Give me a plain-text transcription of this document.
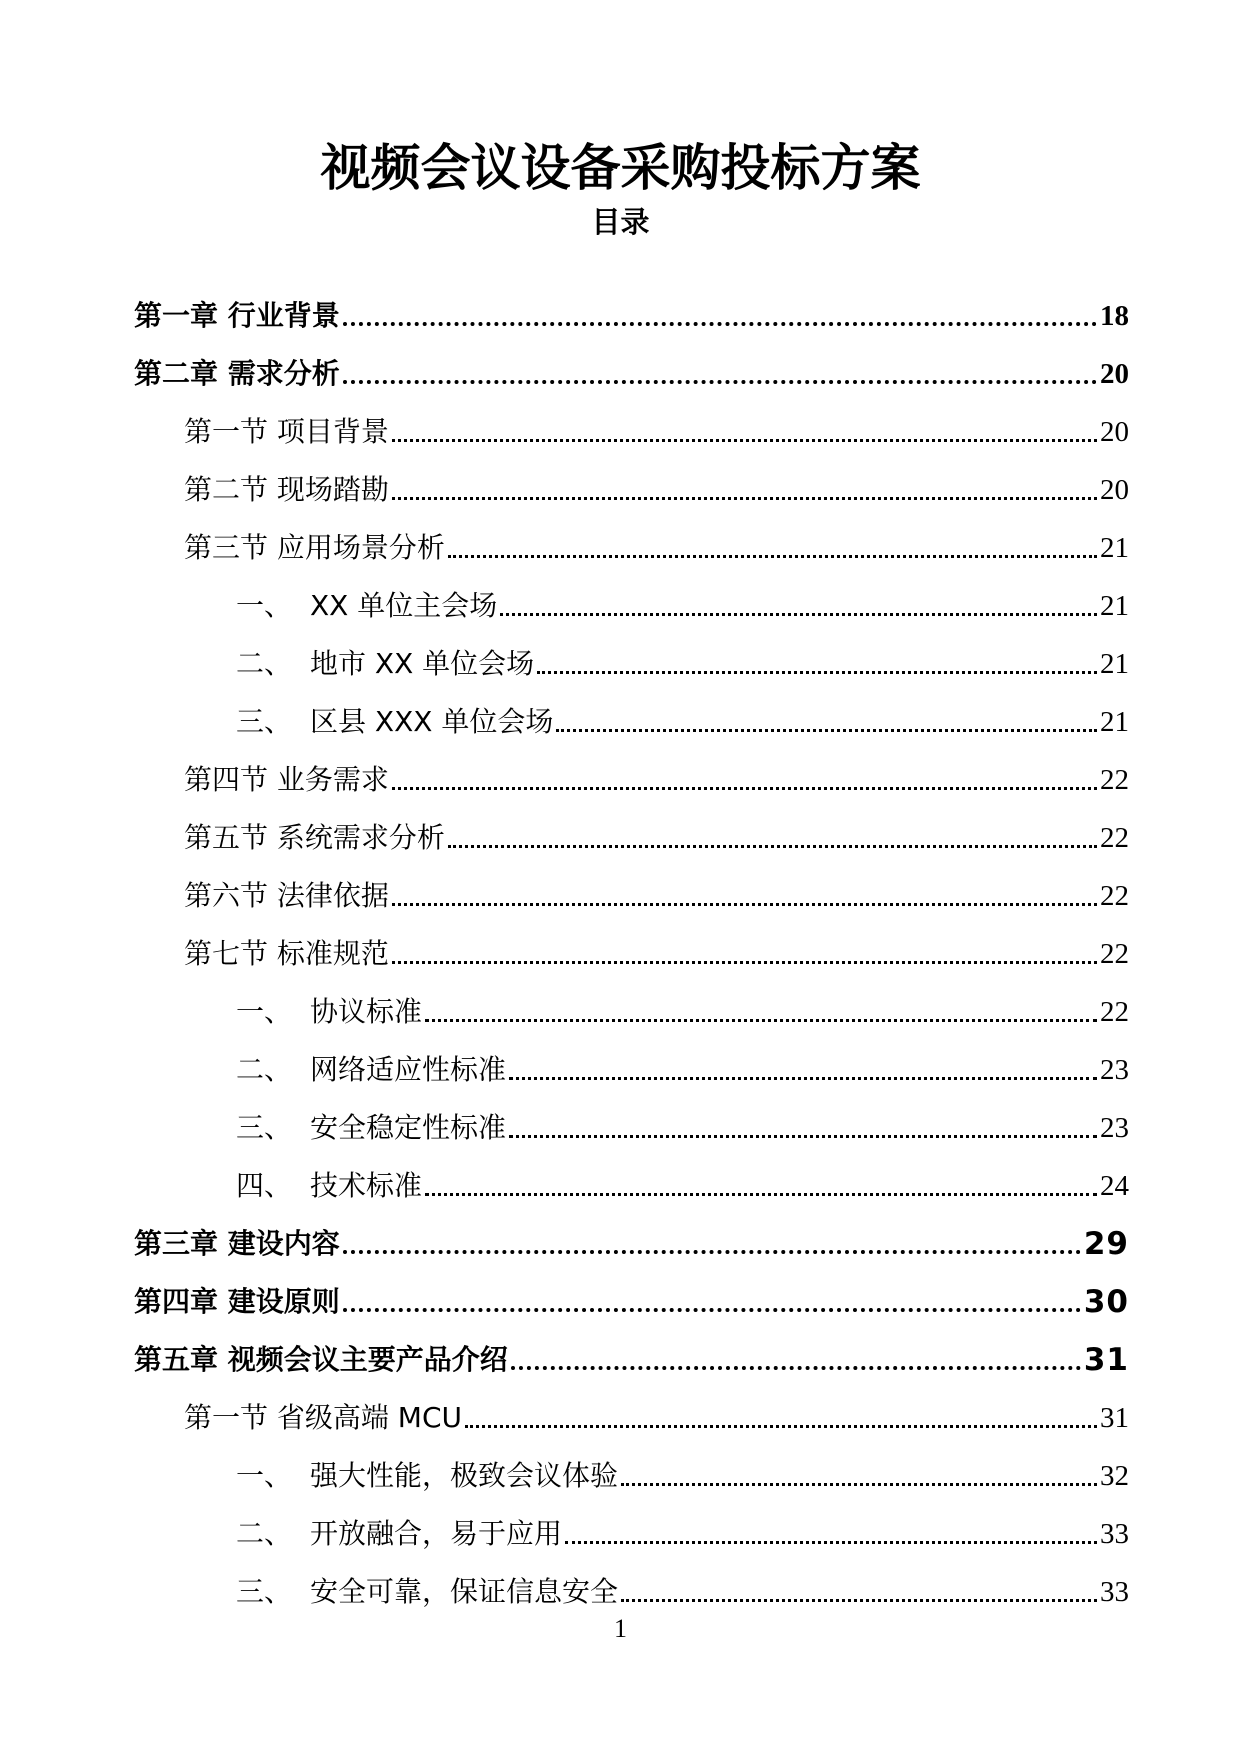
视频会议设备采购投标方案
目录
第一章 行业背景	18
第二章 需求分析	20
第一节 项目背景	20
第二节 现场踏勘	20
第三节 应用场景分析	21
一、 XX 单位主会场	21
二、 地市 XX 单位会场	21
三、 区县 XXX 单位会场	21
第四节 业务需求	22
第五节 系统需求分析	22
第六节 法律依据	22
第七节 标准规范	22
一、 协议标准	22
二、 网络适应性标准	23
三、 安全稳定性标准	23
四、 技术标准	24
第三章 建设内容	29
第四章 建设原则	30
第五章 视频会议主要产品介绍	31
第一节 省级高端 MCU	31
一、 强大性能，极致会议体验	32
二、 开放融合，易于应用	33
三、 安全可靠，保证信息安全	33
1
